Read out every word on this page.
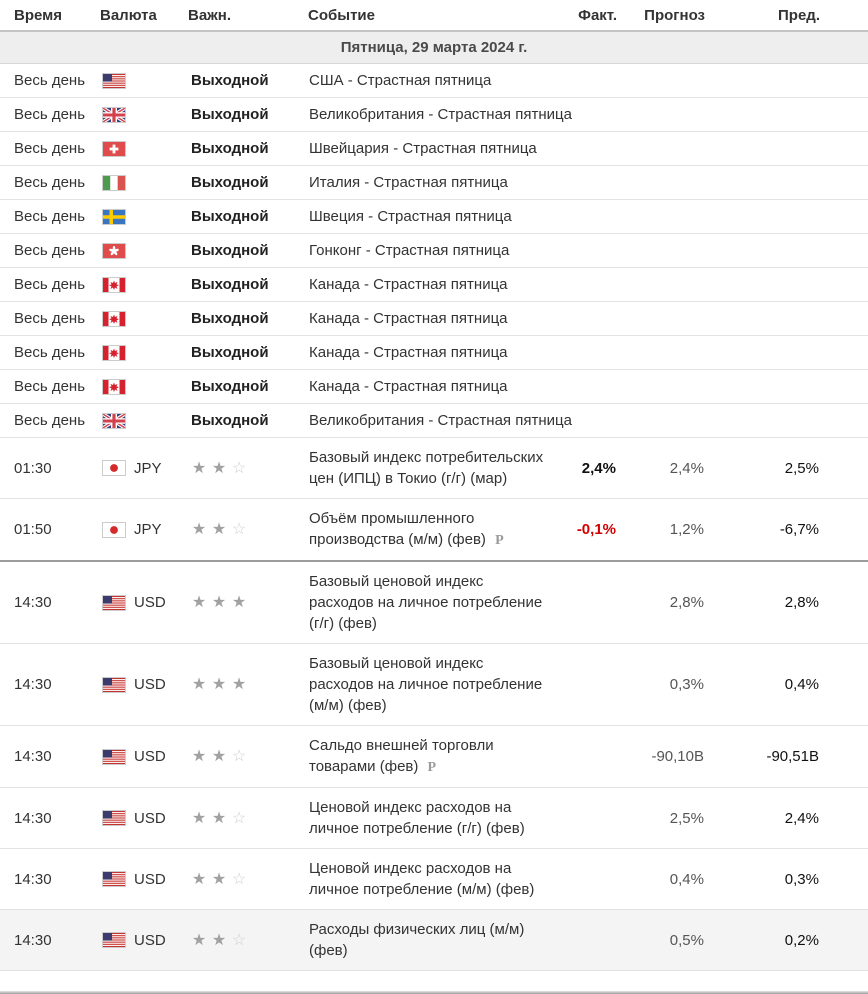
Время	Валюта	Важн.	Событие	Факт.	Прогноз	Пред.	
Пятница, 29 марта 2024 г.							
Весь день		Выходной	США - Страстная пятница				
Весь день		Выходной	Великобритания - Страстная пятница				
Весь день		Выходной	Швейцария - Страстная пятница				
Весь день		Выходной	Италия - Страстная пятница				
Весь день		Выходной	Швеция - Страстная пятница				
Весь день		Выходной	Гонконг - Страстная пятница				
Весь день		Выходной	Канада - Страстная пятница				
Весь день		Выходной	Канада - Страстная пятница				
Весь день		Выходной	Канада - Страстная пятница				
Весь день		Выходной	Канада - Страстная пятница				
Весь день		Выходной	Великобритания - Страстная пятница				
01:30	JPY	★ ★ ☆	Базовый индекс потребительских цен (ИПЦ) в Токио (г/г) (мар)	2,4%	2,4%	2,5%	
01:50	JPY	★ ★ ☆	Объём промышленного производства (м/м) (фев) P	-0,1%	1,2%	-6,7%	
14:30	USD	★ ★ ★	Базовый ценовой индекс расходов на личное потребление (г/г) (фев)		2,8%	2,8%	
14:30	USD	★ ★ ★	Базовый ценовой индекс расходов на личное потребление (м/м) (фев)		0,3%	0,4%	
14:30	USD	★ ★ ☆	Сальдо внешней торговли товарами (фев) P		-90,10B	-90,51B	
14:30	USD	★ ★ ☆	Ценовой индекс расходов на личное потребление (г/г) (фев)		2,5%	2,4%	
14:30	USD	★ ★ ☆	Ценовой индекс расходов на личное потребление (м/м) (фев)		0,4%	0,3%	
14:30	USD	★ ★ ☆	Расходы физических лиц (м/м) (фев)		0,5%	0,2%	
